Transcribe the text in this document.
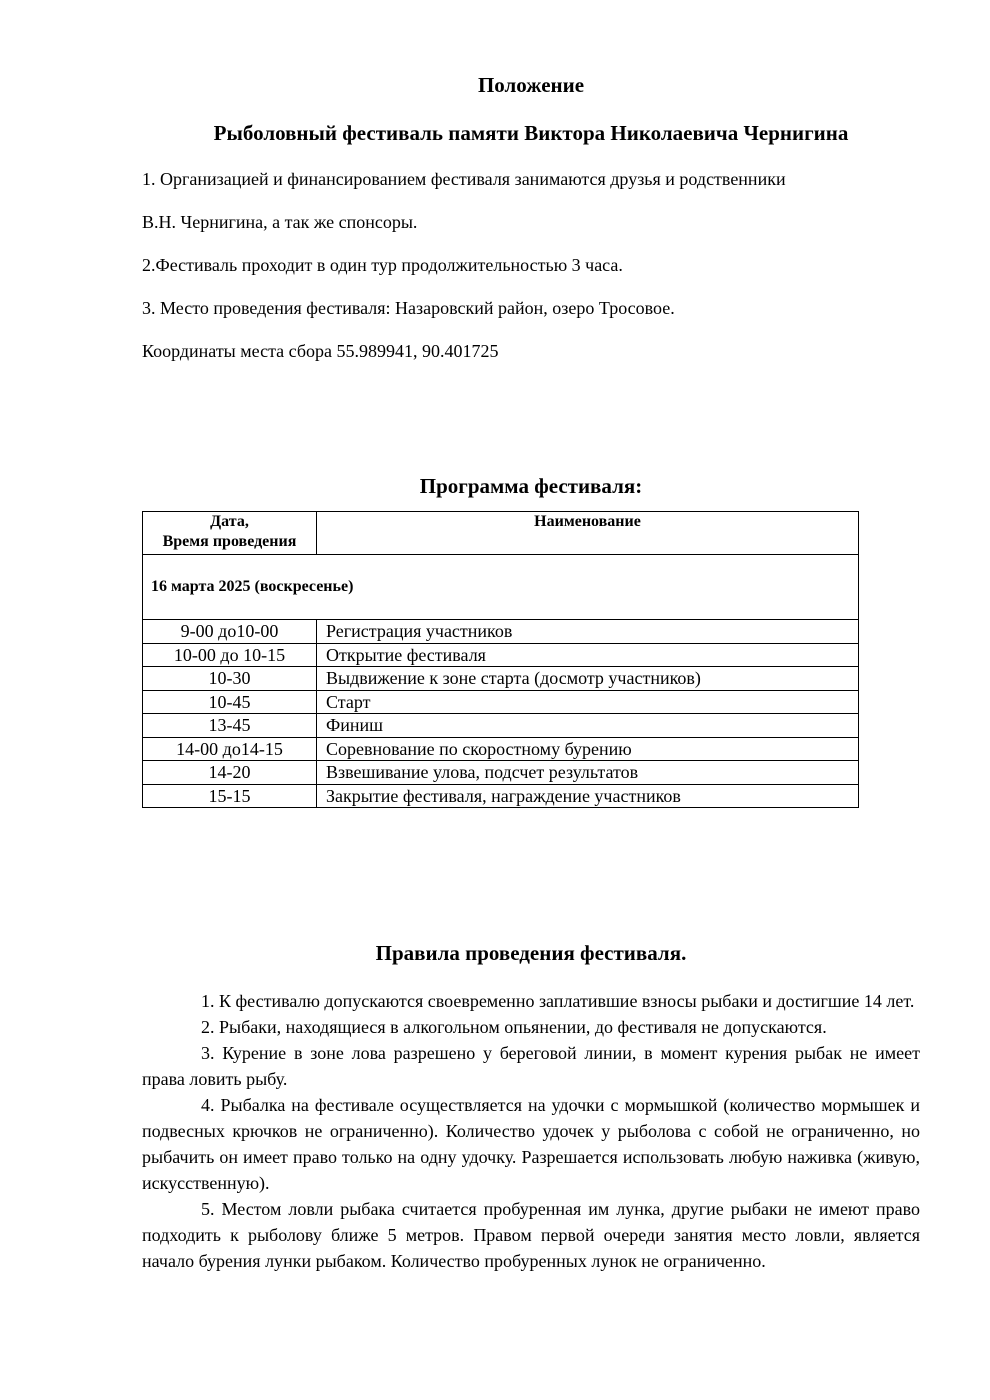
Положение
Рыболовный фестиваль памяти Виктора Николаевича Чернигина
1. Организацией и финансированием фестиваля занимаются друзья и родственники
В.Н. Чернигина, а так же спонсоры.
2.Фестиваль проходит в один тур продолжительностью 3 часа.
3. Место проведения фестиваля: Назаровский район, озеро Тросовое.
Координаты места сбора 55.989941, 90.401725
Программа фестиваля:
Дата,
Время проведения	Наименование
16 марта 2025 (воскресенье)	
9-00 до10-00	Регистрация участников
10-00 до 10-15	Открытие фестиваля
10-30	Выдвижение к зоне старта (досмотр участников)
10-45	Старт
13-45	Финиш
14-00 до14-15	Соревнование по скоростному бурению
14-20	Взвешивание улова, подсчет результатов
15-15	Закрытие фестиваля, награждение участников
Правила проведения фестиваля.

1. К фестивалю допускаются своевременно заплатившие взносы рыбаки и достигшие 14 лет.

2. Рыбаки, находящиеся в алкогольном опьянении, до фестиваля не допускаются.

3. Курение в зоне лова разрешено у береговой линии, в момент курения рыбак не имеет права ловить рыбу.

4. Рыбалка на фестивале осуществляется на удочки с мормышкой (количество мормышек и подвесных крючков не ограниченно). Количество удочек у рыболова с собой не ограниченно, но рыбачить он имеет право только на одну удочку. Разрешается использовать любую наживка (живую, искусственную).

5. Местом ловли рыбака считается пробуренная им лунка, другие рыбаки не имеют право подходить к рыболову ближе 5 метров. Правом первой очереди занятия место ловли, является начало бурения лунки рыбаком. Количество пробуренных лунок не ограниченно.
